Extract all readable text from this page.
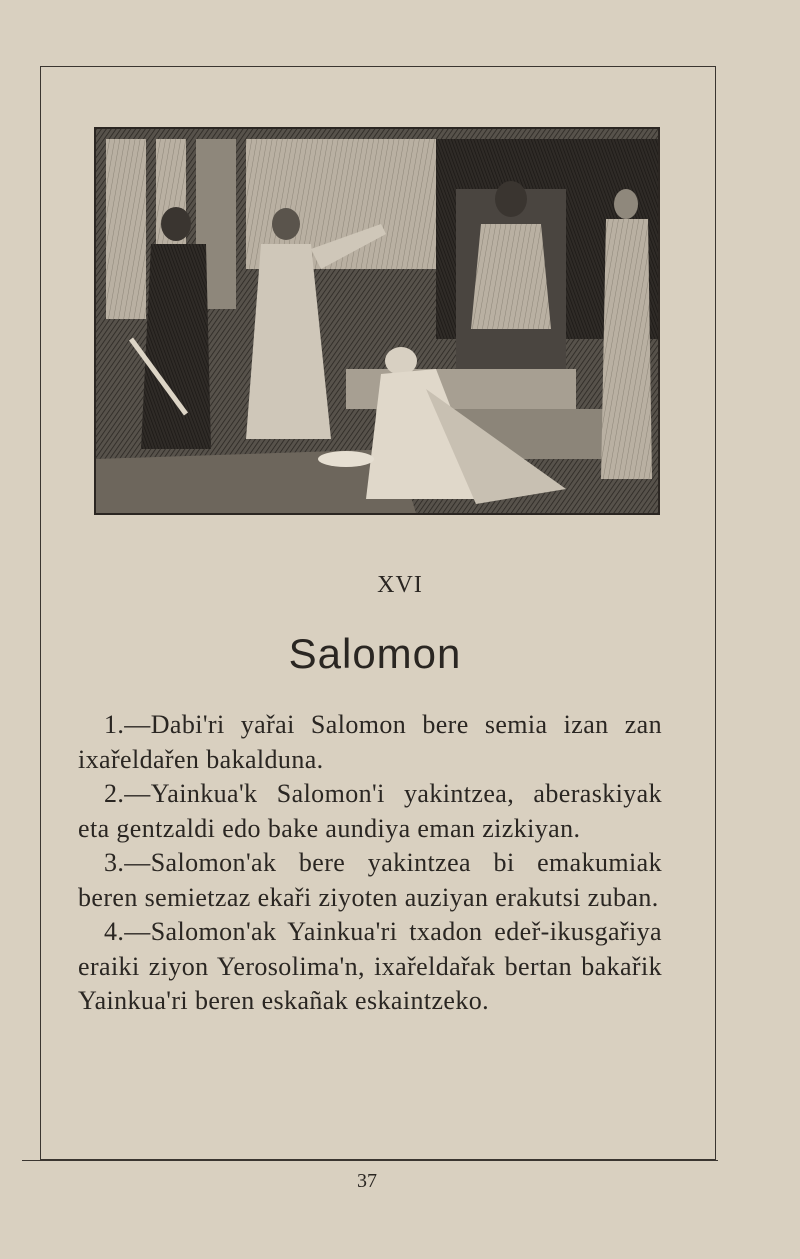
XVI
Salomon

1.—Dabi'ri yařai Salomon bere semia izan zan ixařeldařen bakalduna.

2.—Yainkua'k Salomon'i yakintzea, aberaskiyak eta gentzaldi edo bake aundiya eman zizkiyan.

3.—Salomon'ak bere yakintzea bi emakumiak beren semietzaz ekaři ziyoten auziyan erakutsi zuban.

4.—Salomon'ak Yainkua'ri txadon edeř-ikusgařiya eraiki ziyon Yerosolima'n, ixařeldařak bertan bakařik Yainkua'ri beren eskañak eskaintzeko.

37
